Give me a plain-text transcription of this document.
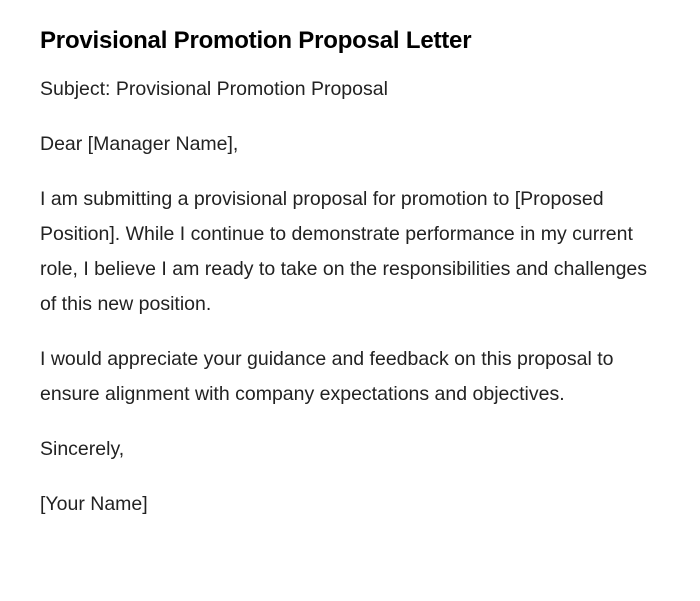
Provisional Promotion Proposal Letter

Subject: Provisional Promotion Proposal

Dear [Manager Name],

I am submitting a provisional proposal for promotion to [Proposed Position]. While I continue to demonstrate performance in my current role, I believe I am ready to take on the responsibilities and challenges of this new position.

I would appreciate your guidance and feedback on this proposal to ensure alignment with company expectations and objectives.

Sincerely,

[Your Name]
